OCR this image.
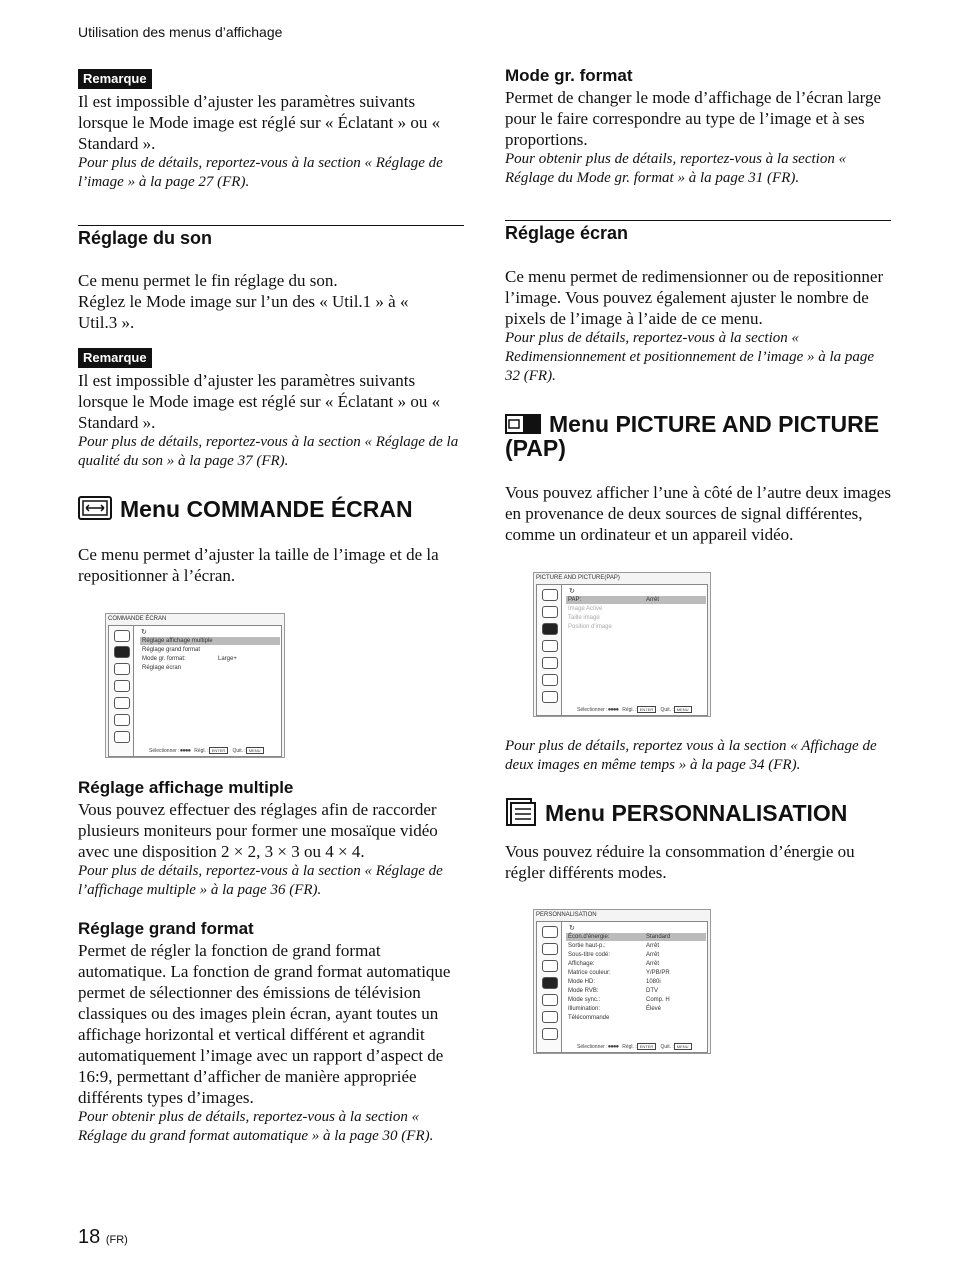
Utilisation des menus d’affichage
Remarque

Il est impossible d’ajuster les paramètres suivants lorsque le Mode image est réglé sur « Éclatant » ou « Standard ».

Pour plus de détails, reportez-vous à la section « Réglage de l’image » à la page 27 (FR).

Réglage du son

Ce menu permet le fin réglage du son.

Réglez le Mode image sur l’un des « Util.1 » à « Util.3 ».

Remarque

Il est impossible d’ajuster les paramètres suivants lorsque le Mode image est réglé sur « Éclatant » ou « Standard ».

Pour plus de détails, reportez-vous à la section « Réglage de la qualité du son » à la page 37 (FR).

Menu COMMANDE ÉCRAN

Ce menu permet d’ajuster la taille de l’image et de la repositionner à l’écran.

COMMANDE ÉCRAN
↻
Réglage affichage multiple
Réglage grand format
Mode gr. format:	Large+
Réglage écran
Sélectionner :●●●● Régl. : ENTER Quit. : MENU
Réglage affichage multiple

Vous pouvez effectuer des réglages afin de raccorder plusieurs moniteurs pour former une mosaïque vidéo avec une disposition 2 × 2, 3 × 3 ou 4 × 4.

Pour plus de détails, reportez-vous à la section « Réglage de l’affichage multiple » à la page 36 (FR).

Réglage grand format

Permet de régler la fonction de grand format automatique. La fonction de grand format automatique permet de sélectionner des émissions de télévision classiques ou des images plein écran, ayant toutes un affichage horizontal et vertical différent et agrandit automatiquement l’image avec un rapport d’aspect de 16:9, permettant d’afficher de manière appropriée différents types d’images.

Pour obtenir plus de détails, reportez-vous à la section « Réglage du grand format automatique » à la page 30 (FR).

18 (FR)
Mode gr. format

Permet de changer le mode d’affichage de l’écran large pour le faire correspondre au type de l’image et à ses proportions.

Pour obtenir plus de détails, reportez-vous à la section « Réglage du Mode gr. format » à la page 31 (FR).

Réglage écran

Ce menu permet de redimensionner ou de repositionner l’image. Vous pouvez également ajuster le nombre de pixels de l’image à l’aide de ce menu.

Pour plus de détails, reportez-vous à la section « Redimensionnement et positionnement de l’image » à la page 32 (FR).

Menu PICTURE AND PICTURE (PAP)

Vous pouvez afficher l’une à côté de l’autre deux images en provenance de deux sources de signal différentes, comme un ordinateur et un appareil vidéo.

PICTURE AND PICTURE(PAP)
↻
PAP:	Arrêt
Image Active
Taille image
Position d'image
Sélectionner :●●●● Régl. : ENTER Quit. : MENU

Pour plus de détails, reportez vous à la section « Affichage de deux images en même temps » à la page 34 (FR).

Menu PERSONNALISATION

Vous pouvez réduire la consommation d’énergie ou régler différents modes.

PERSONNALISATION
↻
Écon.d'énergie:	Standard
Sortie haut-p.:	Arrêt
Sous-titre codé:	Arrêt
Affichage:	Arrêt
Matrice couleur:	Y/PB/PR
Mode HD:	1080i
Mode RVB:	DTV
Mode sync.:	Comp. H
Illumination:	Élevé
Télécommande
Sélectionner :●●●● Régl. : ENTER Quit. : MENU
